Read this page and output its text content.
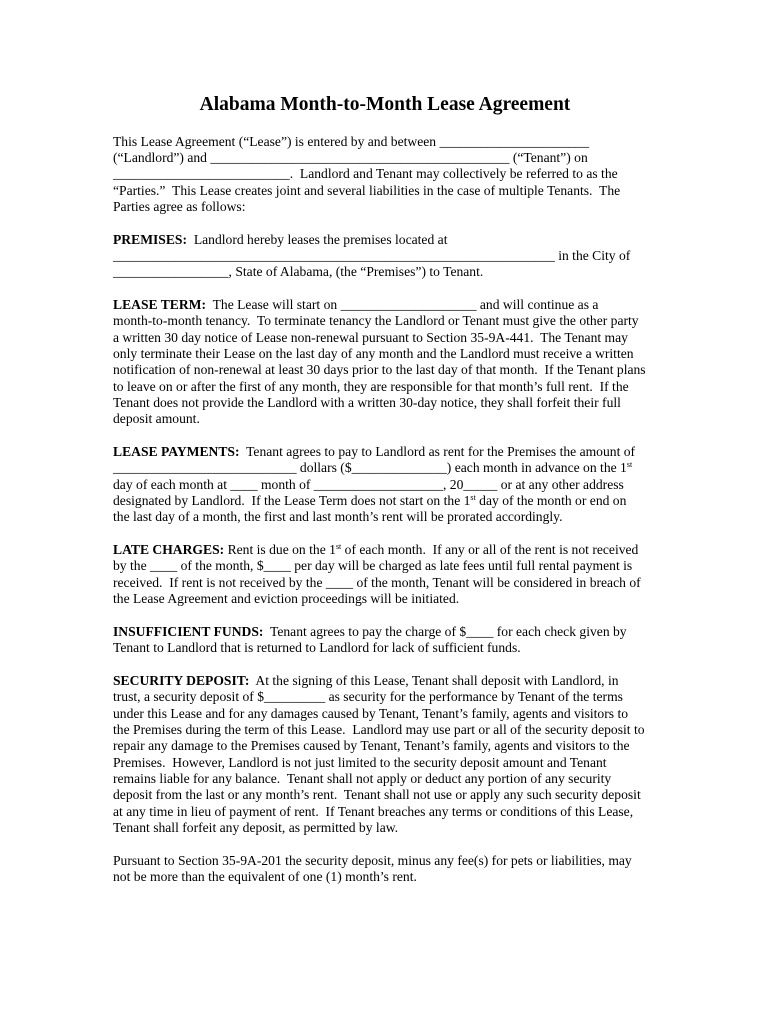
Alabama Month-to-Month Lease Agreement
This Lease Agreement (“Lease”) is entered by and between ______________________
(“Landlord”) and ____________________________________________ (“Tenant”) on
__________________________.  Landlord and Tenant may collectively be referred to as the
“Parties.”  This Lease creates joint and several liabilities in the case of multiple Tenants.  The
Parties agree as follows:
PREMISES:  Landlord hereby leases the premises located at
_________________________________________________________________ in the City of
_________________, State of Alabama, (the “Premises”) to Tenant.
LEASE TERM:  The Lease will start on ____________________ and will continue as a
month-to-month tenancy.  To terminate tenancy the Landlord or Tenant must give the other party
a written 30 day notice of Lease non-renewal pursuant to Section 35-9A-441.  The Tenant may
only terminate their Lease on the last day of any month and the Landlord must receive a written
notification of non-renewal at least 30 days prior to the last day of that month.  If the Tenant plans
to leave on or after the first of any month, they are responsible for that month’s full rent.  If the
Tenant does not provide the Landlord with a written 30-day notice, they shall forfeit their full
deposit amount.
LEASE PAYMENTS:  Tenant agrees to pay to Landlord as rent for the Premises the amount of
___________________________ dollars ($______________) each month in advance on the 1st
day of each month at ____ month of ___________________, 20_____ or at any other address
designated by Landlord.  If the Lease Term does not start on the 1st day of the month or end on
the last day of a month, the first and last month’s rent will be prorated accordingly.
LATE CHARGES: Rent is due on the 1st of each month.  If any or all of the rent is not received
by the ____ of the month, $____ per day will be charged as late fees until full rental payment is
received.  If rent is not received by the ____ of the month, Tenant will be considered in breach of
the Lease Agreement and eviction proceedings will be initiated.
INSUFFICIENT FUNDS:  Tenant agrees to pay the charge of $____ for each check given by
Tenant to Landlord that is returned to Landlord for lack of sufficient funds.
SECURITY DEPOSIT:  At the signing of this Lease, Tenant shall deposit with Landlord, in
trust, a security deposit of $_________ as security for the performance by Tenant of the terms
under this Lease and for any damages caused by Tenant, Tenant’s family, agents and visitors to
the Premises during the term of this Lease.  Landlord may use part or all of the security deposit to
repair any damage to the Premises caused by Tenant, Tenant’s family, agents and visitors to the
Premises.  However, Landlord is not just limited to the security deposit amount and Tenant
remains liable for any balance.  Tenant shall not apply or deduct any portion of any security
deposit from the last or any month’s rent.  Tenant shall not use or apply any such security deposit
at any time in lieu of payment of rent.  If Tenant breaches any terms or conditions of this Lease,
Tenant shall forfeit any deposit, as permitted by law.
Pursuant to Section 35-9A-201 the security deposit, minus any fee(s) for pets or liabilities, may
not be more than the equivalent of one (1) month’s rent.
